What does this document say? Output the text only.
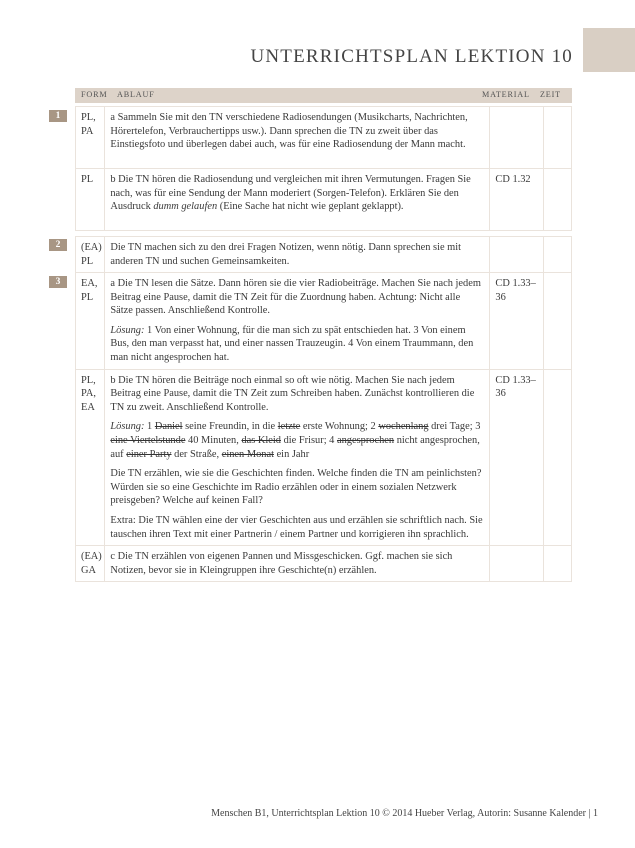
UNTERRICHTSPLAN LEKTION 10
FORM ABLAUF	MATERIAL ZEIT
1	PL, PA	a Sammeln Sie mit den TN verschiedene Radiosendungen (Musikcharts, Nachrichten, Hörertelefon, Verbrauchertipps usw.). Dann sprechen die TN zu zweit über das Einstiegsfoto und überlegen dabei auch, was für eine Radiosendung der Mann macht.		
PL	b Die TN hören die Radiosendung und vergleichen mit ihren Vermutungen. Fragen Sie nach, was für eine Sendung der Mann moderiert (Sorgen-Telefon). Erklären Sie den Ausdruck dumm gelaufen (Eine Sache hat nicht wie geplant geklappt).	CD 1.32	
2	(EA) PL	Die TN machen sich zu den drei Fragen Notizen, wenn nötig. Dann sprechen sie mit anderen TN und suchen Gemeinsamkeiten.		
3	EA, PL	a Die TN lesen die Sätze. Dann hören sie die vier Radiobeiträge. Machen Sie nach jedem Beitrag eine Pause, damit die TN Zeit für die Zuordnung haben. Achtung: Nicht alle Sätze passen. Anschließend Kontrolle.

Lösung: 1 Von einer Wohnung, für die man sich zu spät entschieden hat. 3 Von einem Bus, den man verpasst hat, und einer nassen Trauzeugin. 4 Von einem Traummann, den man nicht angesprochen hat.	CD 1.33–36	
PL, PA, EA	b Die TN hören die Beiträge noch einmal so oft wie nötig. Machen Sie nach jedem Beitrag eine Pause, damit die TN Zeit zum Schreiben haben. Zunächst kontrollieren die TN zu zweit. Anschließend Kontrolle.

Lösung: 1 Daniel seine Freundin, in die letzte erste Wohnung; 2 wochenlang drei Tage; 3 eine Viertelstunde 40 Minuten, das Kleid die Frisur; 4 angesprochen nicht angesprochen, auf einer Party der Straße, einen Monat ein Jahr

Die TN erzählen, wie sie die Geschichten finden. Welche finden die TN am peinlichsten? Würden sie so eine Geschichte im Radio erzählen oder in einem sozialen Netzwerk preisgeben? Welche auf keinen Fall?

Extra: Die TN wählen eine der vier Geschichten aus und erzählen sie schriftlich nach. Sie tauschen ihren Text mit einer Partnerin / einem Partner und korrigieren ihn sprachlich.	CD 1.33–36	
(EA) GA	c Die TN erzählen von eigenen Pannen und Missgeschicken. Ggf. machen sie sich Notizen, bevor sie in Kleingruppen ihre Geschichte(n) erzählen.		
Menschen B1, Unterrichtsplan Lektion 10 © 2014 Hueber Verlag, Autorin: Susanne Kalender | 1
